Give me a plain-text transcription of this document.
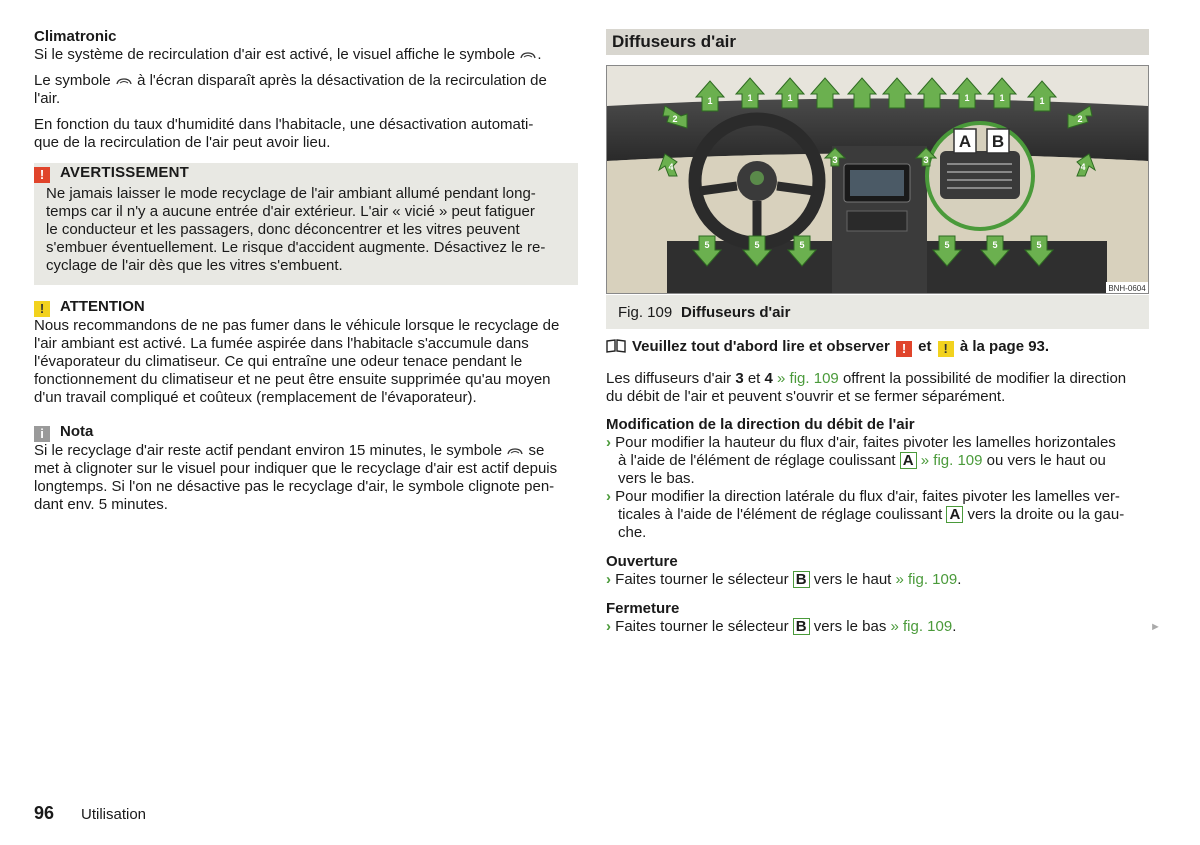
Climatronic

Si le système de recirculation d'air est activé, le visuel affiche le symbole .

Le symbole à l'écran disparaît après la désactivation de la recirculation de

l'air.

En fonction du taux d'humidité dans l'habitacle, une désactivation automati-

que de la recirculation de l'air peut avoir lieu.

! AVERTISSEMENT

Ne jamais laisser le mode recyclage de l'air ambiant allumé pendant long-

temps car il n'y a aucune entrée d'air extérieur. L'air « vicié » peut fatiguer

le conducteur et les passagers, donc déconcentrer et les vitres peuvent

s'embuer éventuellement. Le risque d'accident augmente. Désactivez le re-

cyclage de l'air dès que les vitres s'embuent.

! ATTENTION

Nous recommandons de ne pas fumer dans le véhicule lorsque le recyclage de

l'air ambiant est activé. La fumée aspirée dans l'habitacle s'accumule dans

l'évaporateur du climatiseur. Ce qui entraîne une odeur tenace pendant le

fonctionnement du climatiseur et ne peut être ensuite supprimée qu'au moyen

d'un travail compliqué et coûteux (remplacement de l'évaporateur).

i Nota

Si le recyclage d'air reste actif pendant environ 15 minutes, le symbole se

met à clignoter sur le visuel pour indiquer que le recyclage d'air est actif depuis

longtemps. Si l'on ne désactive pas le recyclage d'air, le symbole clignote pen-

dant env. 5 minutes.

Diffuseurs d'air
A B
1	1	1	1	1	1
2	2
3	3
4	4
5	5	5	5	5	5
BNH-0604
Fig. 109 Diffuseurs d'air
Veuillez tout d'abord lire et observer ! et ! à la page 93.

Les diffuseurs d'air 3 et 4 » fig. 109 offrent la possibilité de modifier la direction

du débit de l'air et peuvent s'ouvrir et se fermer séparément.

Modification de la direction du débit de l'air

› Pour modifier la hauteur du flux d'air, faites pivoter les lamelles horizontales

à l'aide de l'élément de réglage coulissant A » fig. 109 ou vers le haut ou

vers le bas.

› Pour modifier la direction latérale du flux d'air, faites pivoter les lamelles ver-

ticales à l'aide de l'élément de réglage coulissant A vers la droite ou la gau-

che.

Ouverture

› Faites tourner le sélecteur B vers le haut » fig. 109.

Fermeture

› Faites tourner le sélecteur B vers le bas » fig. 109.	►
96 Utilisation
